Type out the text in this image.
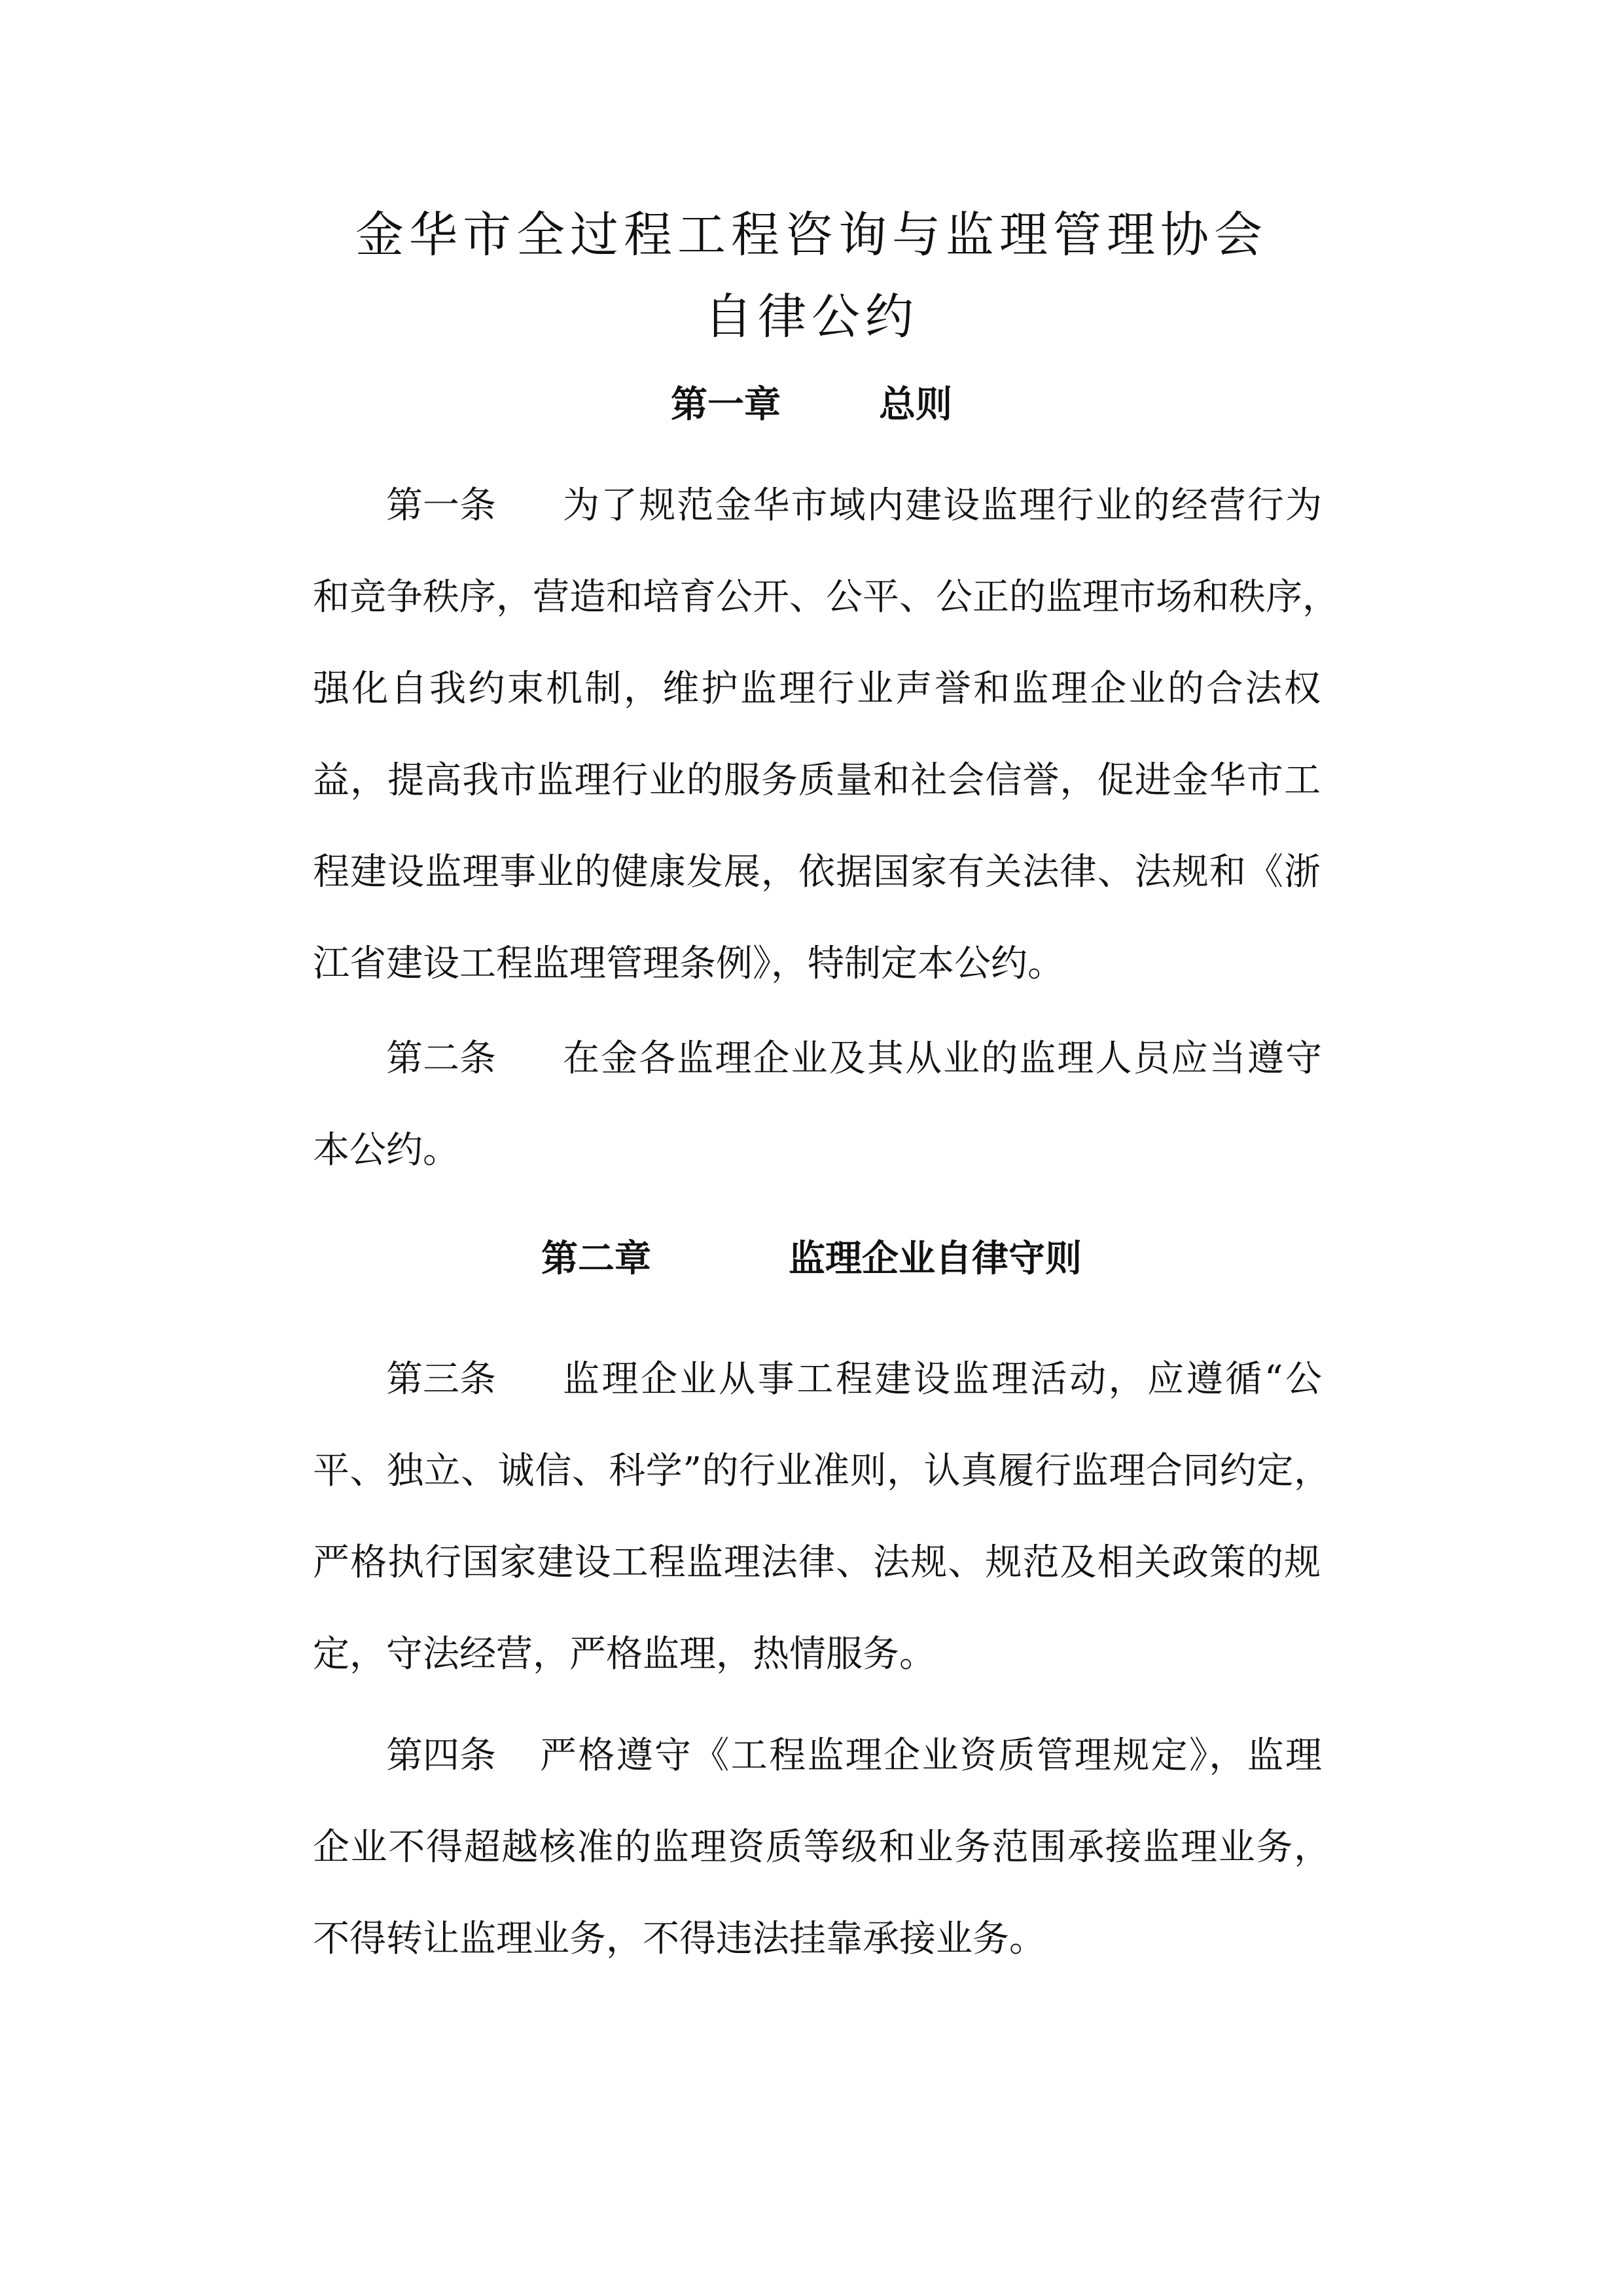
金华市全过程工程咨询与监理管理协会
自律公约
第一章	总则
第一条 为了规范金华市域内建设监理行业的经营行为
和竞争秩序，营造和培育公开、公平、公正的监理市场和秩序，
强化自我约束机制，维护监理行业声誉和监理企业的合法权
益，提高我市监理行业的服务质量和社会信誉，促进金华市工
程建设监理事业的健康发展，依据国家有关法律、法规和《浙
江省建设工程监理管理条例》，特制定本公约。
第二条 在金各监理企业及其从业的监理人员应当遵守
本公约。
第二章	监理企业自律守则
第三条 监理企业从事工程建设监理活动，应遵循“公
平、独立、诚信、科学”的行业准则，认真履行监理合同约定，
严格执行国家建设工程监理法律、法规、规范及相关政策的规
定，守法经营，严格监理，热情服务。
第四条 严格遵守《工程监理企业资质管理规定》，监理
企业不得超越核准的监理资质等级和业务范围承接监理业务，
不得转让监理业务，不得违法挂靠承接业务。
